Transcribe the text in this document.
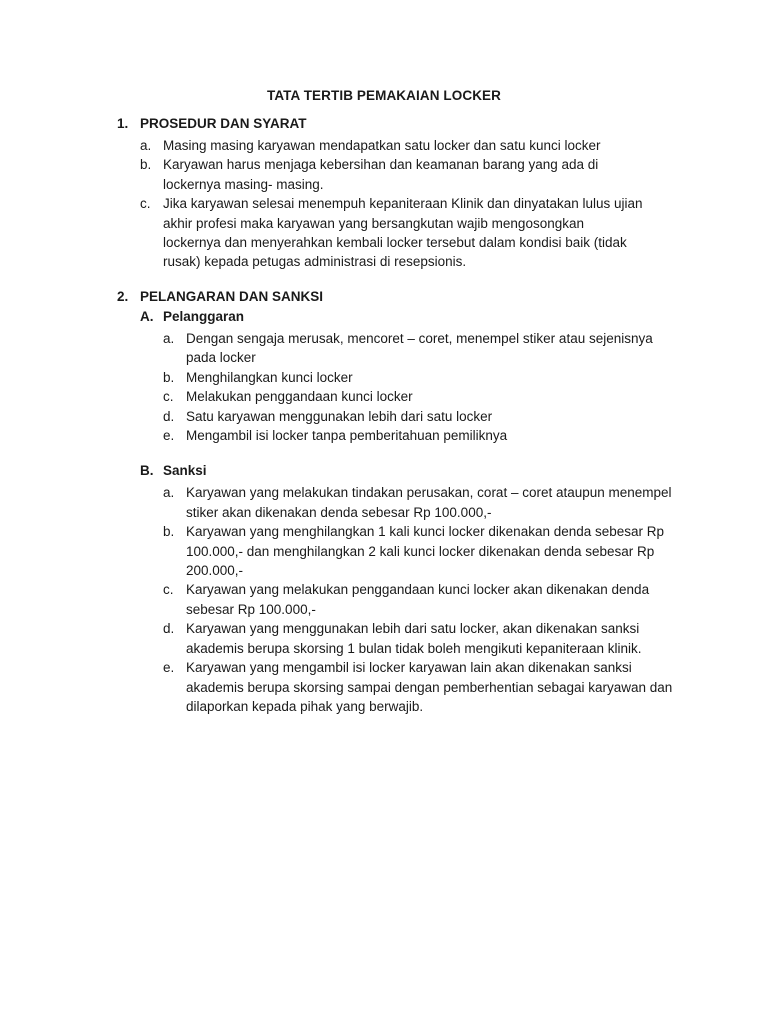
TATA TERTIB PEMAKAIAN LOCKER
1. PROSEDUR DAN SYARAT
a. Masing masing karyawan mendapatkan satu locker dan satu kunci locker
b. Karyawan harus menjaga kebersihan dan keamanan barang yang ada di lockernya masing- masing.
c. Jika karyawan selesai menempuh kepaniteraan Klinik dan dinyatakan lulus ujian akhir profesi maka karyawan yang bersangkutan wajib mengosongkan lockernya dan menyerahkan kembali locker tersebut dalam kondisi baik (tidak rusak) kepada petugas administrasi di resepsionis.
2. PELANGARAN DAN SANKSI
A. Pelanggaran
a. Dengan sengaja merusak, mencoret – coret, menempel stiker atau sejenisnya pada locker
b. Menghilangkan kunci locker
c. Melakukan penggandaan kunci locker
d. Satu karyawan menggunakan lebih dari satu locker
e. Mengambil isi locker tanpa pemberitahuan pemiliknya
B. Sanksi
a. Karyawan yang melakukan tindakan perusakan, corat – coret ataupun menempel stiker akan dikenakan denda sebesar Rp 100.000,-
b. Karyawan yang menghilangkan 1 kali kunci locker dikenakan denda sebesar Rp 100.000,- dan menghilangkan 2 kali kunci locker dikenakan denda sebesar Rp 200.000,-
c. Karyawan yang melakukan penggandaan kunci locker akan dikenakan denda sebesar Rp 100.000,-
d. Karyawan yang menggunakan lebih dari satu locker, akan dikenakan sanksi akademis berupa skorsing 1 bulan tidak boleh mengikuti kepaniteraan klinik.
e. Karyawan yang mengambil isi locker karyawan lain akan dikenakan sanksi akademis berupa skorsing sampai dengan pemberhentian sebagai karyawan dan dilaporkan kepada pihak yang berwajib.
